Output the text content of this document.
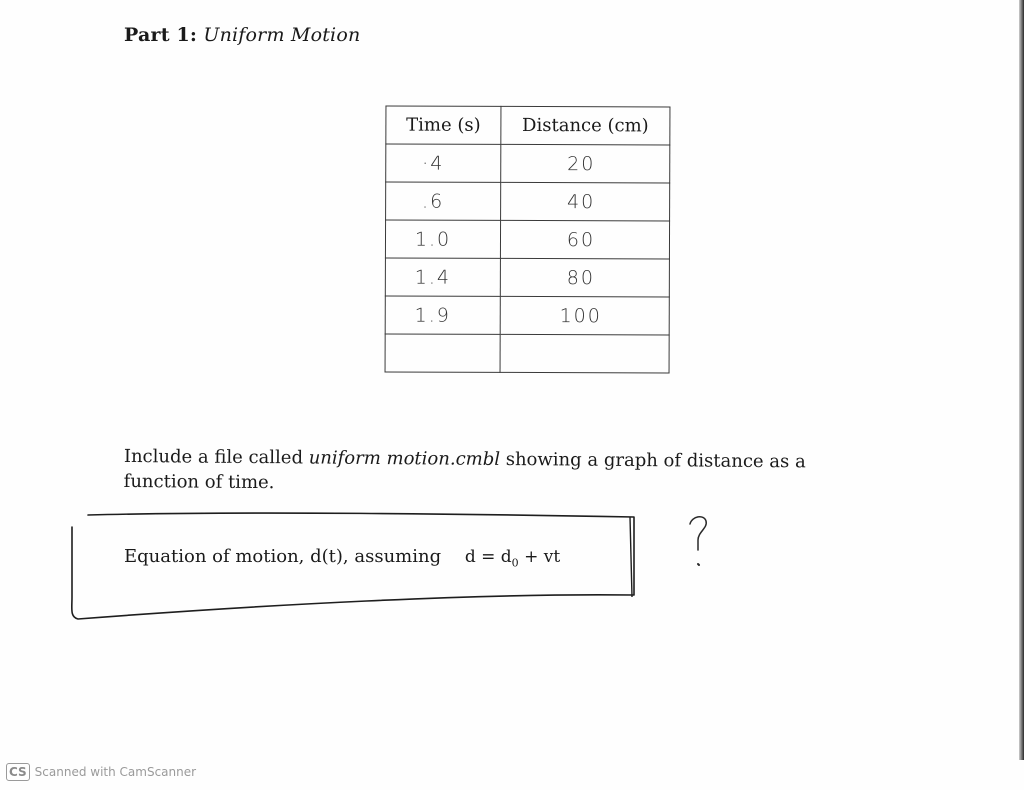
Part 1: Uniform Motion
Time (s)	Distance (cm)
·4	20
.6	40
1.0	60
1.4	80
1.9	100

Include a file called uniform motion.cmbl showing a graph of distance as a function of time.
Equation of motion, d(t), assuming $d = d_0$ + vt
CS Scanned with CamScanner
